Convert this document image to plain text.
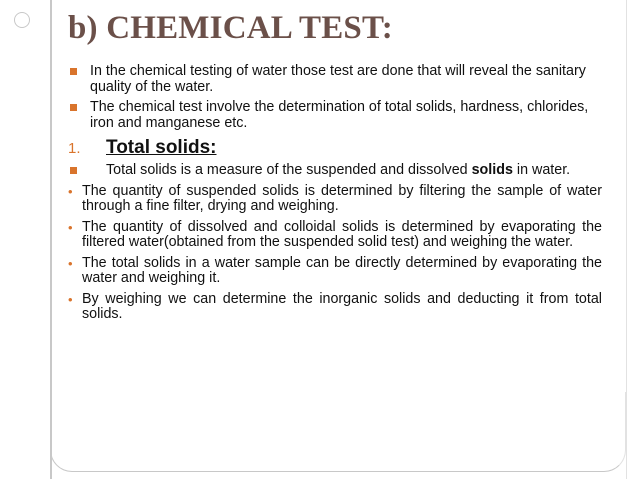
b) CHEMICAL TEST:
In the chemical testing of water those test are done that will reveal the sanitary quality of the water.
The chemical test involve the determination of total solids, hardness, chlorides, iron and manganese etc.
1. Total solids:
Total solids is a measure of the suspended and dissolved solids in water.
• The quantity of suspended solids is determined by filtering the sample of water through a fine filter, drying and weighing.
• The quantity of dissolved and colloidal solids is determined by evaporating the filtered water(obtained from the suspended solid test) and weighing the water.
• The total solids in a water sample can be directly determined by evaporating the water and weighing it.
• By weighing we can determine the inorganic solids and deducting it from total solids.
